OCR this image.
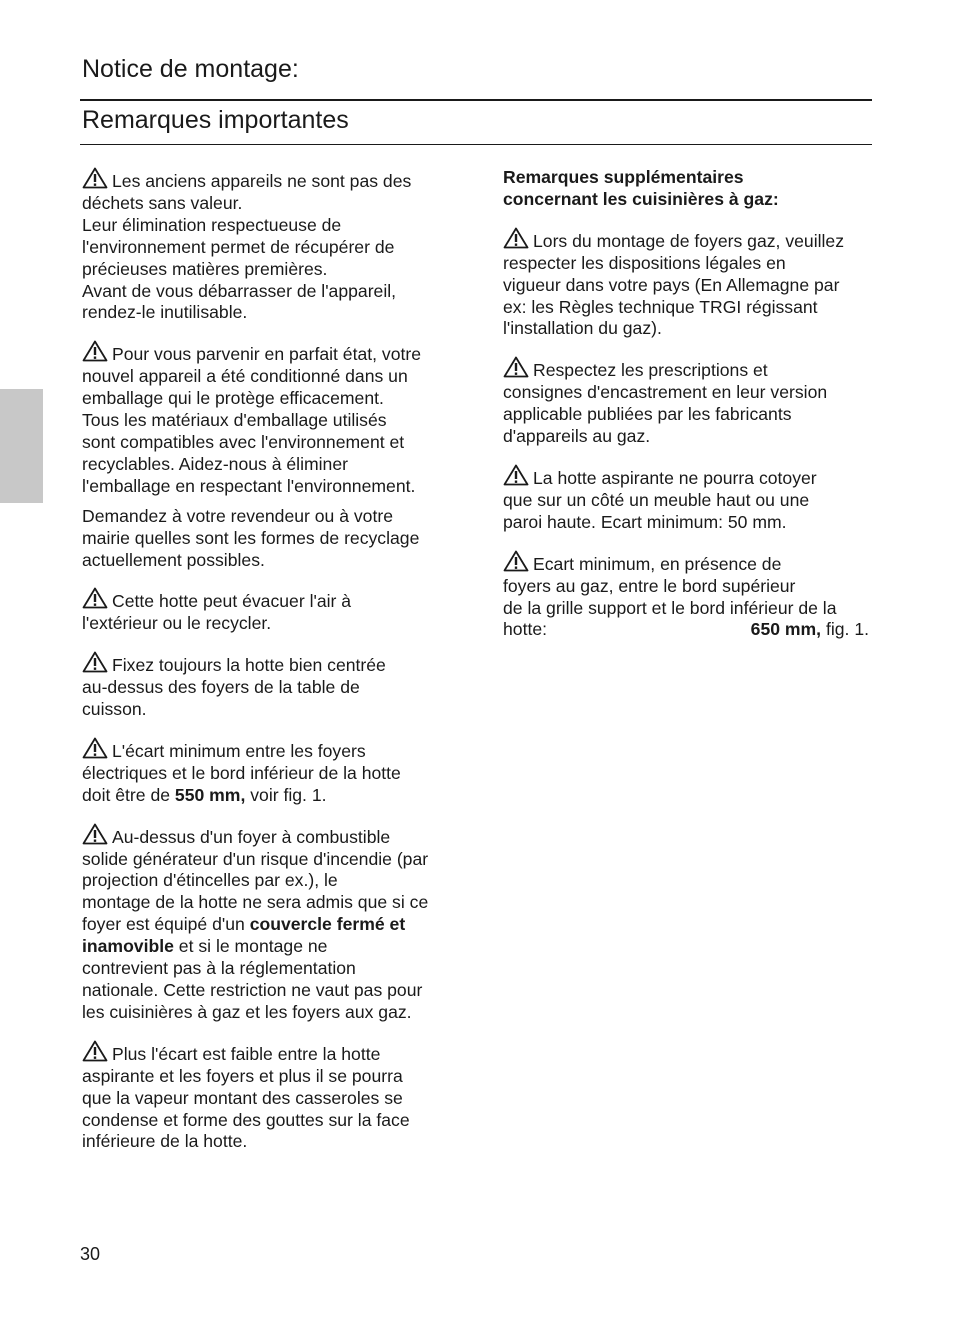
Notice de montage:
Remarques importantes
Les anciens appareils ne sont pas des
déchets sans valeur.
Leur élimination respectueuse de
l'environnement permet de récupérer de
précieuses matières premières.
Avant de vous débarrasser de l'appareil,
rendez-le inutilisable.
Pour vous parvenir en parfait état, votre
nouvel appareil a été conditionné dans un
emballage qui le protège efficacement.
Tous les matériaux d'emballage utilisés
sont compatibles avec l'environnement et
recyclables. Aidez-nous à éliminer
l'emballage en respectant l'environnement.
Demandez à votre revendeur ou à votre
mairie quelles sont les formes de recyclage
actuellement possibles.
Cette hotte peut évacuer l'air à
l'extérieur ou le recycler.
Fixez toujours la hotte bien centrée
au-dessus des foyers de la table de
cuisson.
L'écart minimum entre les foyers
électriques et le bord inférieur de la hotte
doit être de 550 mm, voir fig. 1.
Au-dessus d'un foyer à combustible
solide générateur d'un risque d'incendie (par
projection d'étincelles par ex.), le
montage de la hotte ne sera admis que si ce
foyer est équipé d'un couvercle fermé et
inamovible et si le montage ne
contrevient pas à la réglementation
nationale. Cette restriction ne vaut pas pour
les cuisinières à gaz et les foyers aux gaz.
Plus l'écart est faible entre la hotte
aspirante et les foyers et plus il se pourra
que la vapeur montant des casseroles se
condense et forme des gouttes sur la face
inférieure de la hotte.
Remarques supplémentaires
concernant les cuisinières à gaz:
Lors du montage de foyers gaz, veuillez
respecter les dispositions légales en
vigueur dans votre pays (En Allemagne par
ex: les Règles technique TRGI régissant
l'installation du gaz).
Respectez les prescriptions et
consignes d'encastrement en leur version
applicable publiées par les fabricants
d'appareils au gaz.
La hotte aspirante ne pourra cotoyer
que sur un côté un meuble haut ou une
paroi haute. Ecart minimum: 50 mm.
Ecart minimum, en présence de
foyers au gaz, entre le bord supérieur
de la grille support et le bord inférieur de la
hotte:	650 mm, fig. 1.
30
